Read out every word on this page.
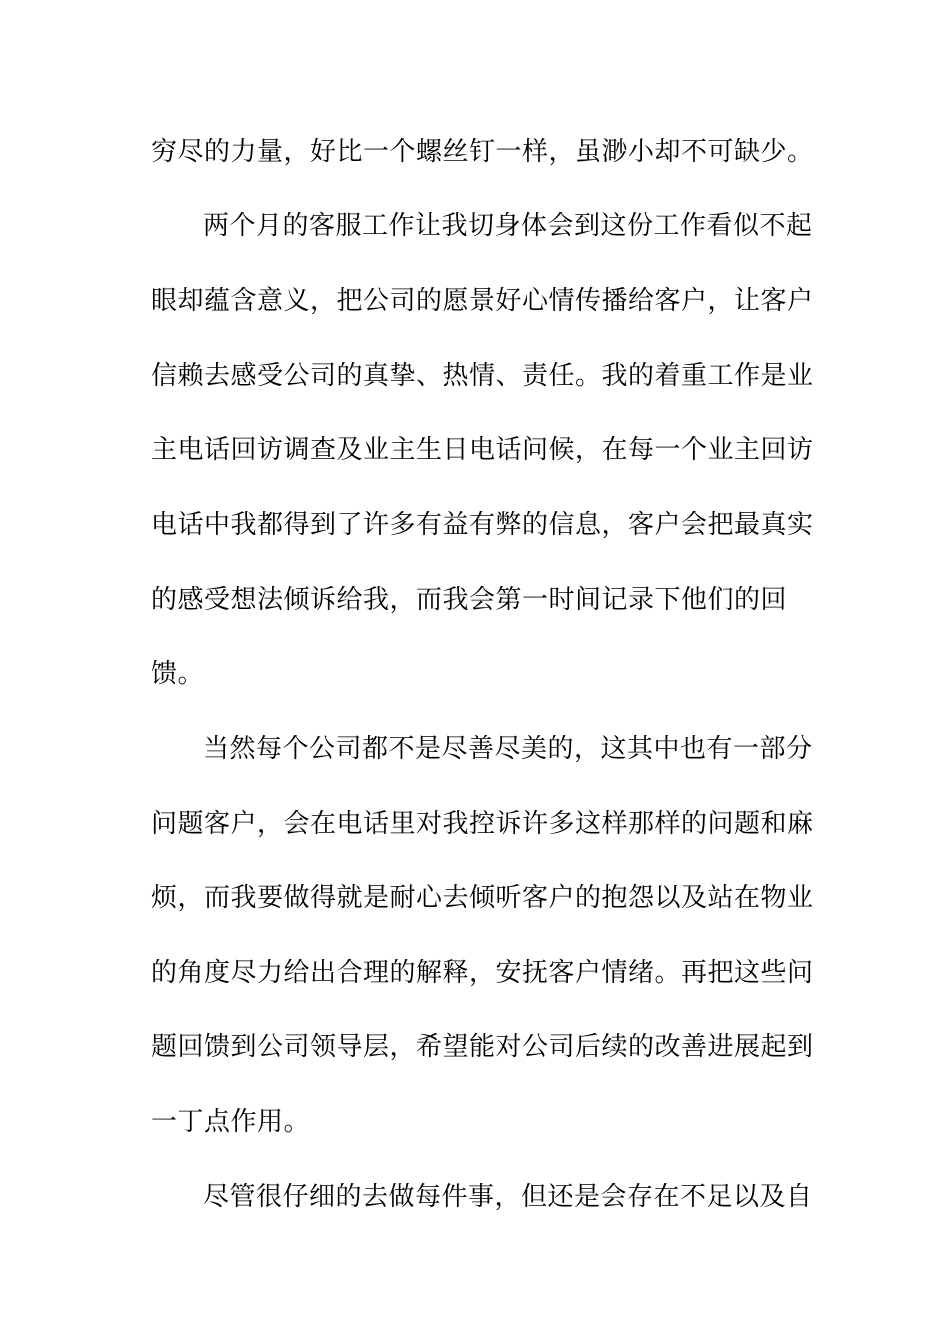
穷尽的力量，好比一个螺丝钉一样，虽渺小却不可缺少。
两个月的客服工作让我切身体会到这份工作看似不起
眼却蕴含意义，把公司的愿景好心情传播给客户，让客户
信赖去感受公司的真挚、热情、责任。我的着重工作是业
主电话回访调查及业主生日电话问候，在每一个业主回访
电话中我都得到了许多有益有弊的信息，客户会把最真实
的感受想法倾诉给我，而我会第一时间记录下他们的回
馈。
当然每个公司都不是尽善尽美的，这其中也有一部分
问题客户，会在电话里对我控诉许多这样那样的问题和麻
烦，而我要做得就是耐心去倾听客户的抱怨以及站在物业
的角度尽力给出合理的解释，安抚客户情绪。再把这些问
题回馈到公司领导层，希望能对公司后续的改善进展起到
一丁点作用。
尽管很仔细的去做每件事，但还是会存在不足以及自
